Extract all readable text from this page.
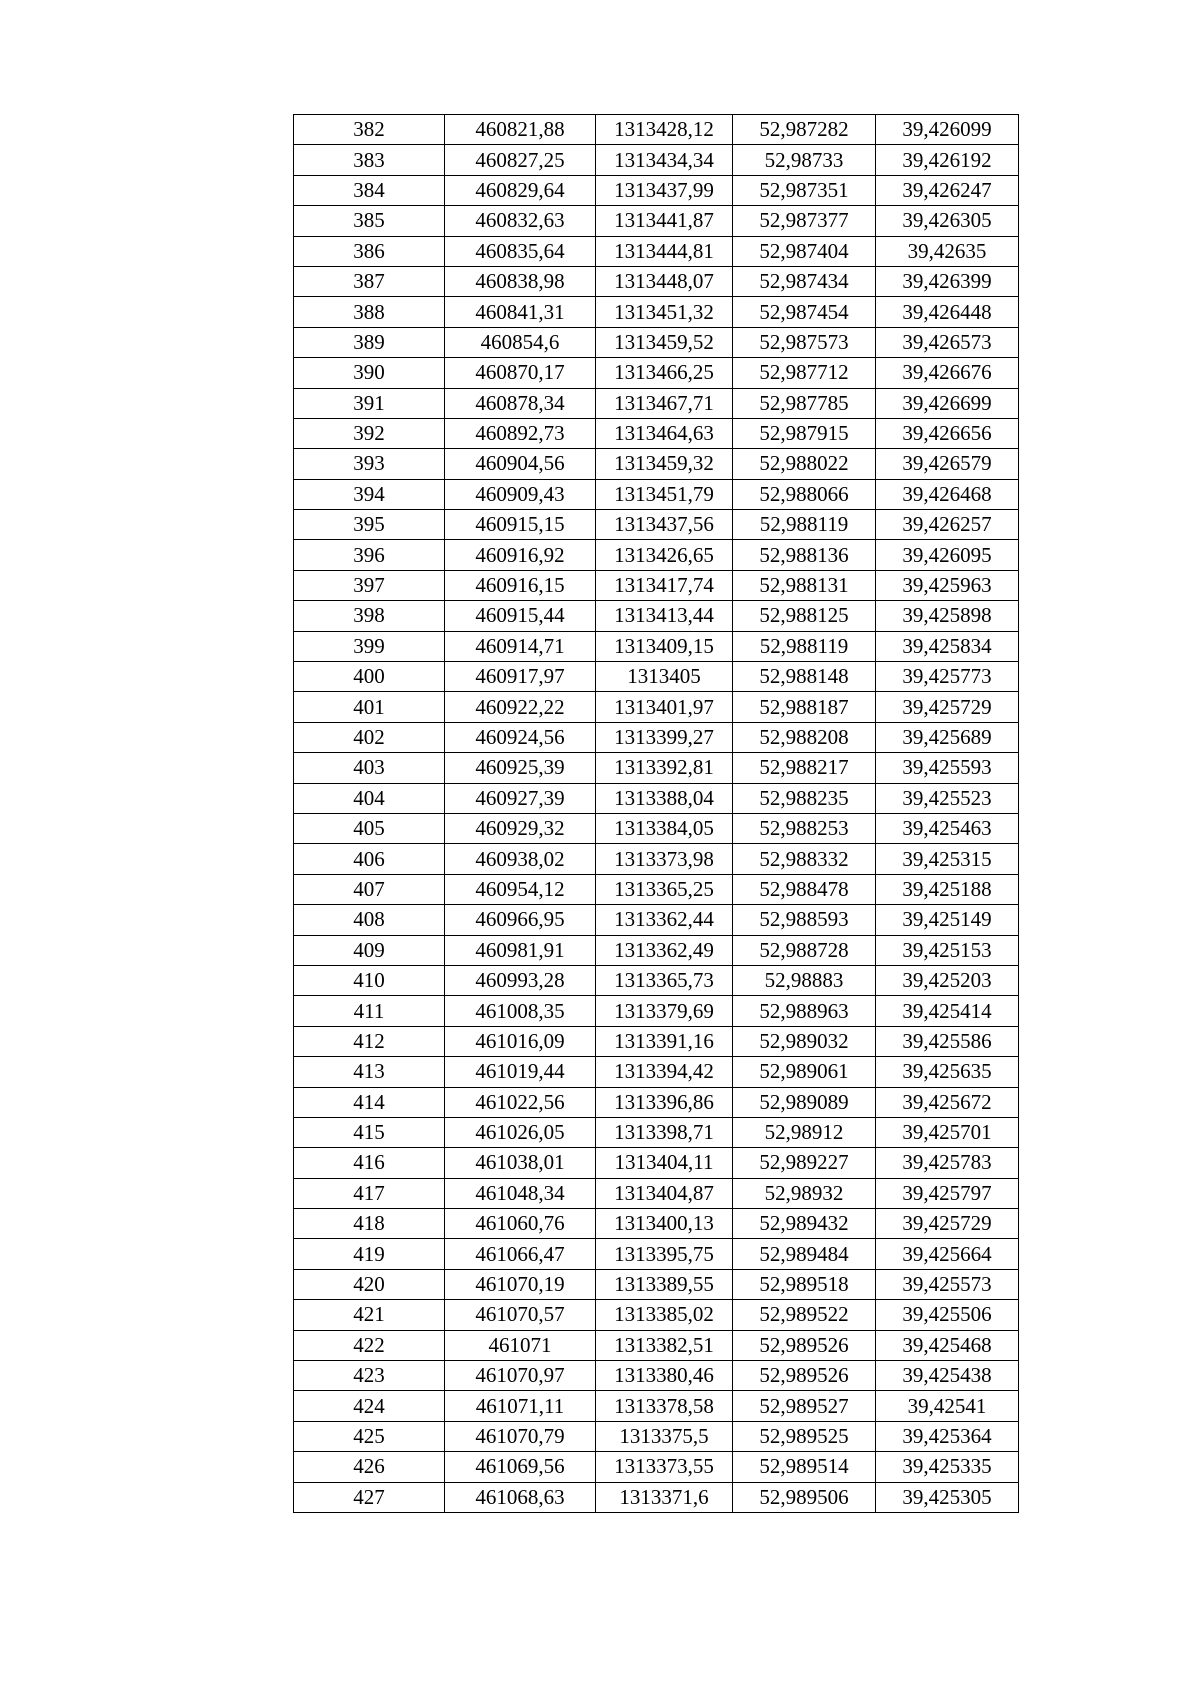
382	460821,88	1313428,12	52,987282	39,426099
383	460827,25	1313434,34	52,98733	39,426192
384	460829,64	1313437,99	52,987351	39,426247
385	460832,63	1313441,87	52,987377	39,426305
386	460835,64	1313444,81	52,987404	39,42635
387	460838,98	1313448,07	52,987434	39,426399
388	460841,31	1313451,32	52,987454	39,426448
389	460854,6	1313459,52	52,987573	39,426573
390	460870,17	1313466,25	52,987712	39,426676
391	460878,34	1313467,71	52,987785	39,426699
392	460892,73	1313464,63	52,987915	39,426656
393	460904,56	1313459,32	52,988022	39,426579
394	460909,43	1313451,79	52,988066	39,426468
395	460915,15	1313437,56	52,988119	39,426257
396	460916,92	1313426,65	52,988136	39,426095
397	460916,15	1313417,74	52,988131	39,425963
398	460915,44	1313413,44	52,988125	39,425898
399	460914,71	1313409,15	52,988119	39,425834
400	460917,97	1313405	52,988148	39,425773
401	460922,22	1313401,97	52,988187	39,425729
402	460924,56	1313399,27	52,988208	39,425689
403	460925,39	1313392,81	52,988217	39,425593
404	460927,39	1313388,04	52,988235	39,425523
405	460929,32	1313384,05	52,988253	39,425463
406	460938,02	1313373,98	52,988332	39,425315
407	460954,12	1313365,25	52,988478	39,425188
408	460966,95	1313362,44	52,988593	39,425149
409	460981,91	1313362,49	52,988728	39,425153
410	460993,28	1313365,73	52,98883	39,425203
411	461008,35	1313379,69	52,988963	39,425414
412	461016,09	1313391,16	52,989032	39,425586
413	461019,44	1313394,42	52,989061	39,425635
414	461022,56	1313396,86	52,989089	39,425672
415	461026,05	1313398,71	52,98912	39,425701
416	461038,01	1313404,11	52,989227	39,425783
417	461048,34	1313404,87	52,98932	39,425797
418	461060,76	1313400,13	52,989432	39,425729
419	461066,47	1313395,75	52,989484	39,425664
420	461070,19	1313389,55	52,989518	39,425573
421	461070,57	1313385,02	52,989522	39,425506
422	461071	1313382,51	52,989526	39,425468
423	461070,97	1313380,46	52,989526	39,425438
424	461071,11	1313378,58	52,989527	39,42541
425	461070,79	1313375,5	52,989525	39,425364
426	461069,56	1313373,55	52,989514	39,425335
427	461068,63	1313371,6	52,989506	39,425305
